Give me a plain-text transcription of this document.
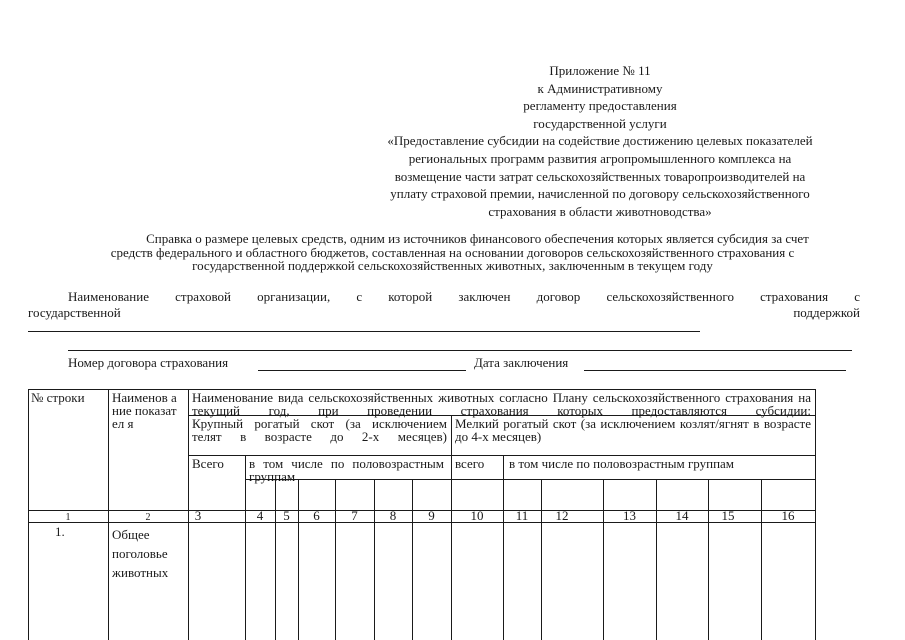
Приложение № 11
к Административному
регламенту предоставления
государственной услуги
«Предоставление субсидии на содействие достижению целевых показателей
региональных программ развития агропромышленного комплекса на
возмещение части затрат сельскохозяйственных товаропроизводителей на
уплату страховой премии, начисленной по договору сельскохозяйственного
страхования в области животноводства»
Справка о размере целевых средств, одним из источников финансового обеспечения которых является субсидия за счет
средств федерального и областного бюджетов, составленная на основании договоров сельскохозяйственного страхования с
государственной поддержкой сельскохозяйственных животных, заключенным в текущем году
Наименование страховой организации, с которой заключен договор сельскохозяйственного страхования с
государственной	поддержкой
Номер договора страхования	Дата заключения
№ строки	Наименов ание показател я
Наименование вида сельскохозяйственных животных согласно Плану сельскохозяйственного страхования на текущий год, при проведении страхования которых предоставляются субсидии:
Крупный рогатый скот (за исключением телят в возрасте до 2-х месяцев)
Мелкий рогатый скот (за исключением козлят/ягнят в возрасте до 4-х месяцев)
Всего	в том числе по половозрастным группам
всего	в том числе по половозрастным группам
1	2	3	4	5	6	7	8	9	10	11	12	13	14	15	16
1.	Общее поголовье животных
